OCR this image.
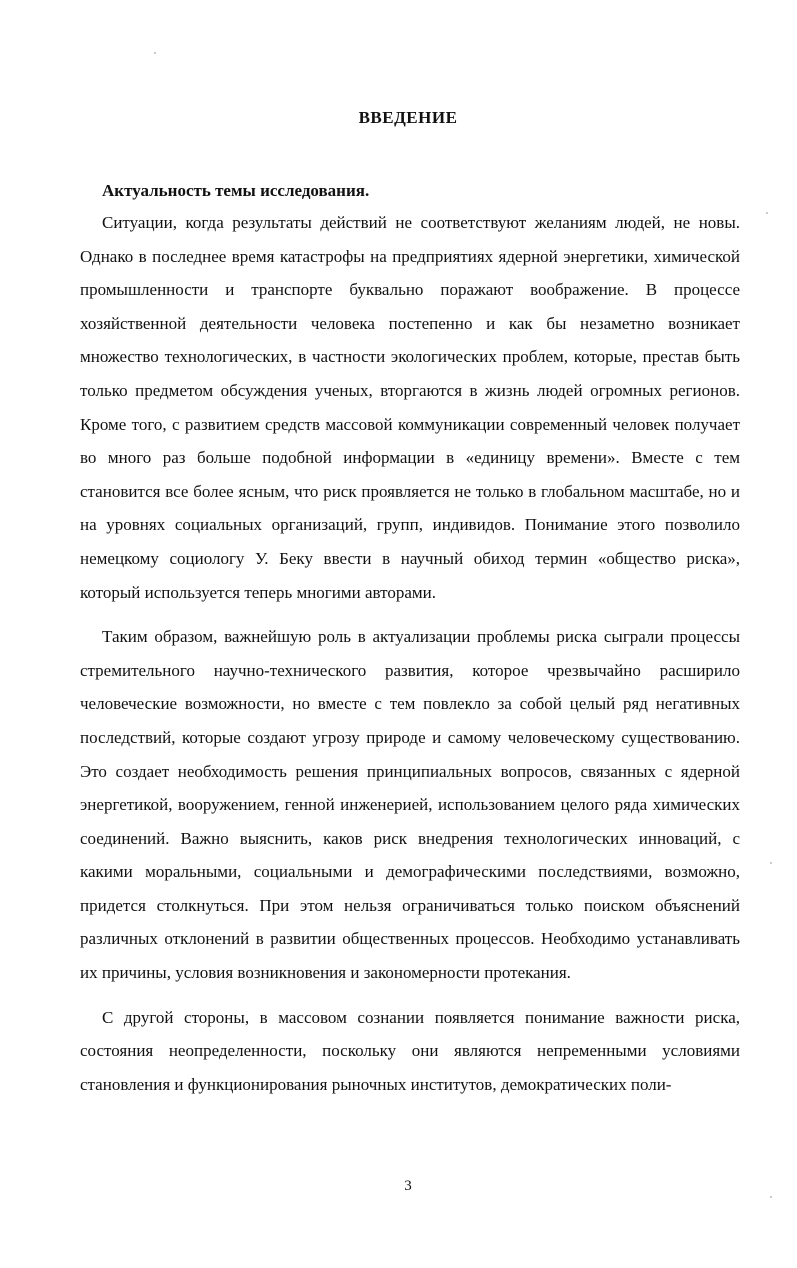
ВВЕДЕНИЕ

Актуальность темы исследования.

Ситуации, когда результаты действий не соответствуют желаниям людей, не новы. Однако в последнее время катастрофы на предприятиях ядерной энергетики, химической промышленности и транспорте буквально поражают воображение. В процессе хозяйственной деятельности человека постепенно и как бы незаметно возникает множество технологических, в частности экологических проблем, которые, престав быть только предметом обсуждения ученых, вторгаются в жизнь людей огромных регионов. Кроме того, с развитием средств массовой коммуникации современный человек получает во много раз больше подобной информации в «единицу времени». Вместе с тем становится все более ясным, что риск проявляется не только в глобальном масштабе, но и на уровнях социальных организаций, групп, индивидов. Понимание этого позволило немецкому социологу У. Беку ввести в научный обиход термин «общество риска», который используется теперь многими авторами.

Таким образом, важнейшую роль в актуализации проблемы риска сыграли процессы стремительного научно-технического развития, которое чрезвычайно расширило человеческие возможности, но вместе с тем повлекло за собой целый ряд негативных последствий, которые создают угрозу природе и самому человеческому существованию. Это создает необходимость решения принципиальных вопросов, связанных с ядерной энергетикой, вооружением, генной инженерией, использованием целого ряда химических соединений. Важно выяснить, каков риск внедрения технологических инноваций, с какими моральными, социальными и демографическими последствиями, возможно, придется столкнуться. При этом нельзя ограничиваться только поиском объяснений различных отклонений в развитии общественных процессов. Необходимо устанавливать их причины, условия возникновения и закономерности протекания.

С другой стороны, в массовом сознании появляется понимание важности риска, состояния неопределенности, поскольку они являются непременными условиями становления и функционирования рыночных институтов, демократических поли-

3
